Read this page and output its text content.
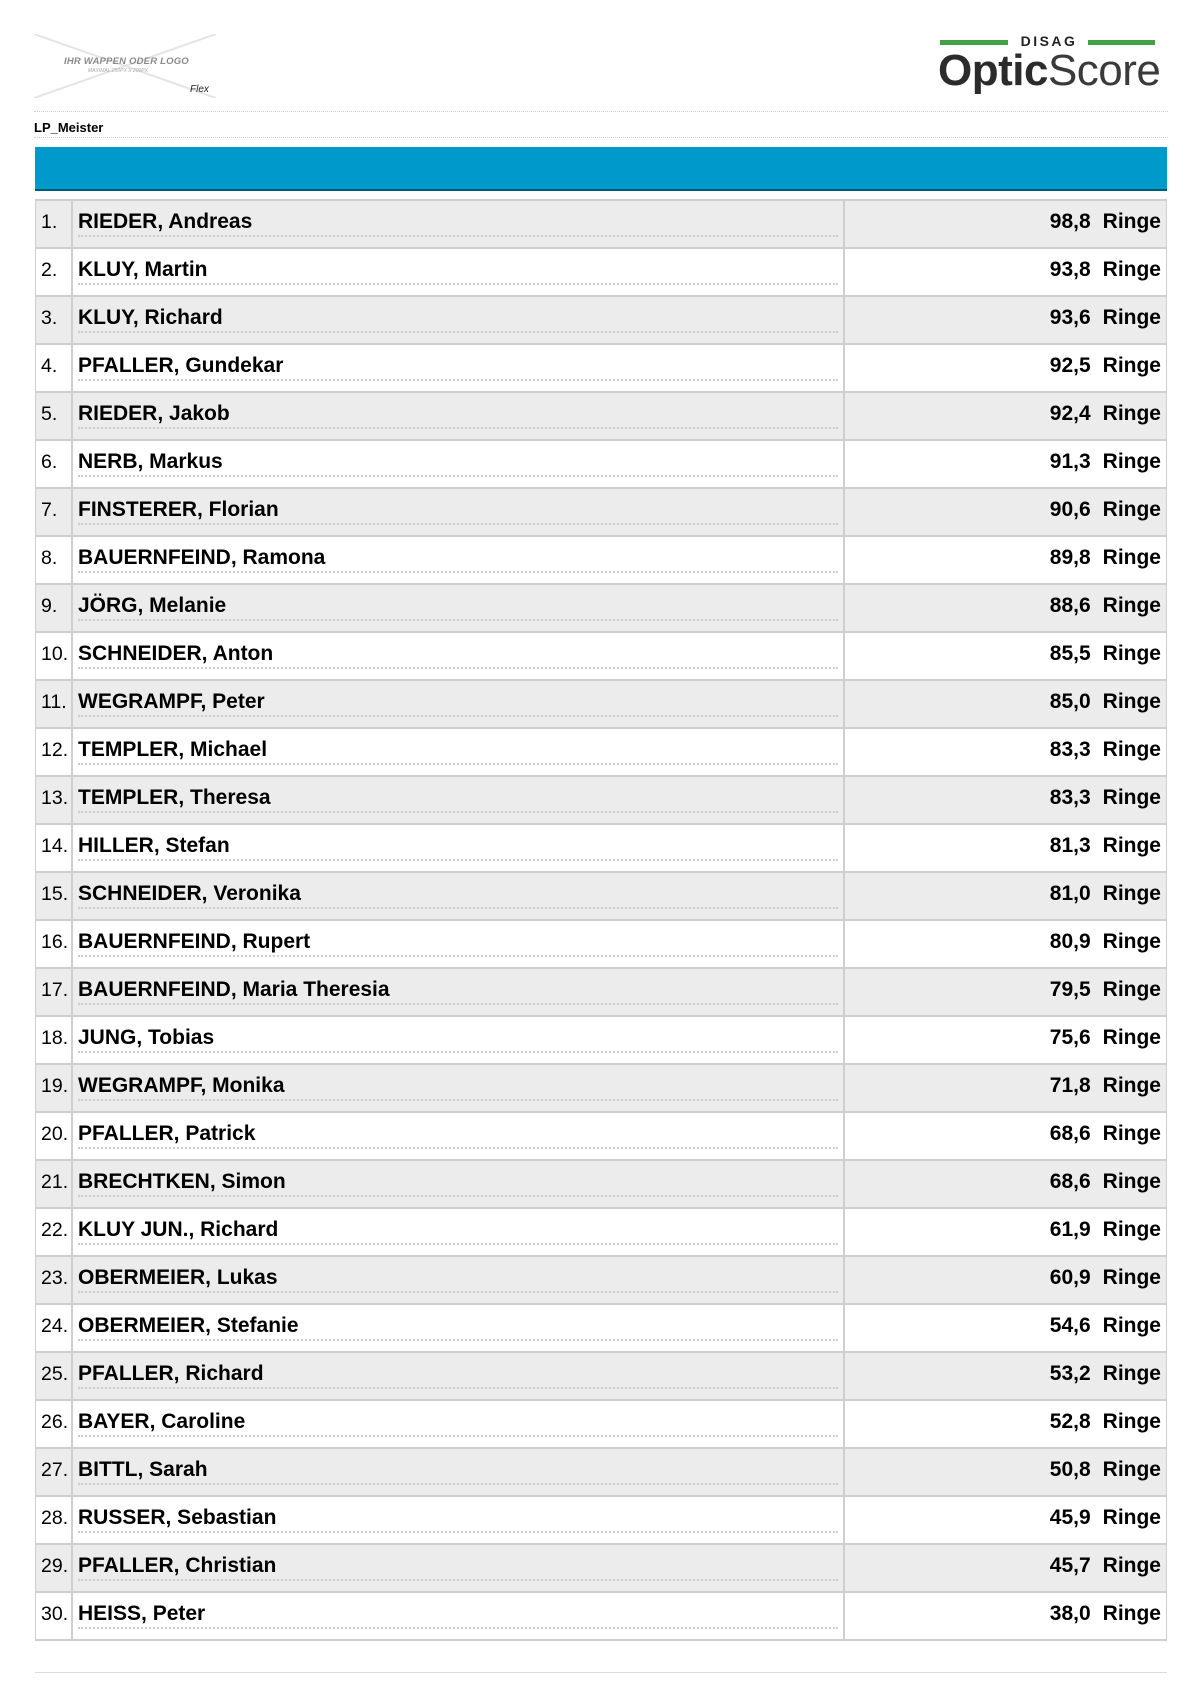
IHR WAPPEN ODER LOGO
MAXIMAL 250PX X 200PX
Flex
DISAG
OpticScore
LP_Meister
1. RIEDER, Andreas	98,8 Ringe
2. KLUY, Martin	93,8 Ringe
3. KLUY, Richard	93,6 Ringe
4. PFALLER, Gundekar	92,5 Ringe
5. RIEDER, Jakob	92,4 Ringe
6. NERB, Markus	91,3 Ringe
7. FINSTERER, Florian	90,6 Ringe
8. BAUERNFEIND, Ramona	89,8 Ringe
9. JÖRG, Melanie	88,6 Ringe
10. SCHNEIDER, Anton	85,5 Ringe
11. WEGRAMPF, Peter	85,0 Ringe
12. TEMPLER, Michael	83,3 Ringe
13. TEMPLER, Theresa	83,3 Ringe
14. HILLER, Stefan	81,3 Ringe
15. SCHNEIDER, Veronika	81,0 Ringe
16. BAUERNFEIND, Rupert	80,9 Ringe
17. BAUERNFEIND, Maria Theresia	79,5 Ringe
18. JUNG, Tobias	75,6 Ringe
19. WEGRAMPF, Monika	71,8 Ringe
20. PFALLER, Patrick	68,6 Ringe
21. BRECHTKEN, Simon	68,6 Ringe
22. KLUY JUN., Richard	61,9 Ringe
23. OBERMEIER, Lukas	60,9 Ringe
24. OBERMEIER, Stefanie	54,6 Ringe
25. PFALLER, Richard	53,2 Ringe
26. BAYER, Caroline	52,8 Ringe
27. BITTL, Sarah	50,8 Ringe
28. RUSSER, Sebastian	45,9 Ringe
29. PFALLER, Christian	45,7 Ringe
30. HEISS, Peter	38,0 Ringe
